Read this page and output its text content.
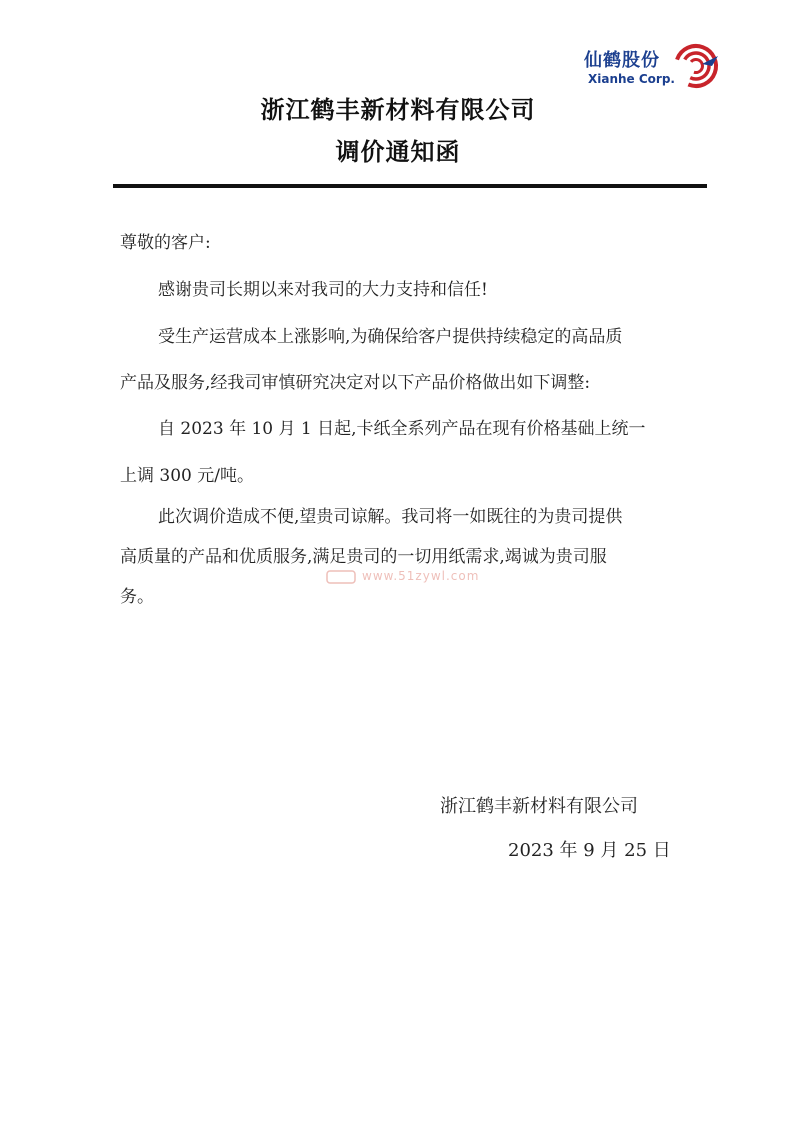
仙鹤股份
Xianhe Corp.
浙江鹤丰新材料有限公司
调价通知函
尊敬的客户:
感谢贵司长期以来对我司的大力支持和信任!
受生产运营成本上涨影响,为确保给客户提供持续稳定的高品质
产品及服务,经我司审慎研究决定对以下产品价格做出如下调整:
自 2023 年 10 月 1 日起,卡纸全系列产品在现有价格基础上统一
上调 300 元/吨。
此次调价造成不便,望贵司谅解。我司将一如既往的为贵司提供
高质量的产品和优质服务,满足贵司的一切用纸需求,竭诚为贵司服
务。
www.51zywl.com
浙江鹤丰新材料有限公司
2023 年 9 月 25 日
